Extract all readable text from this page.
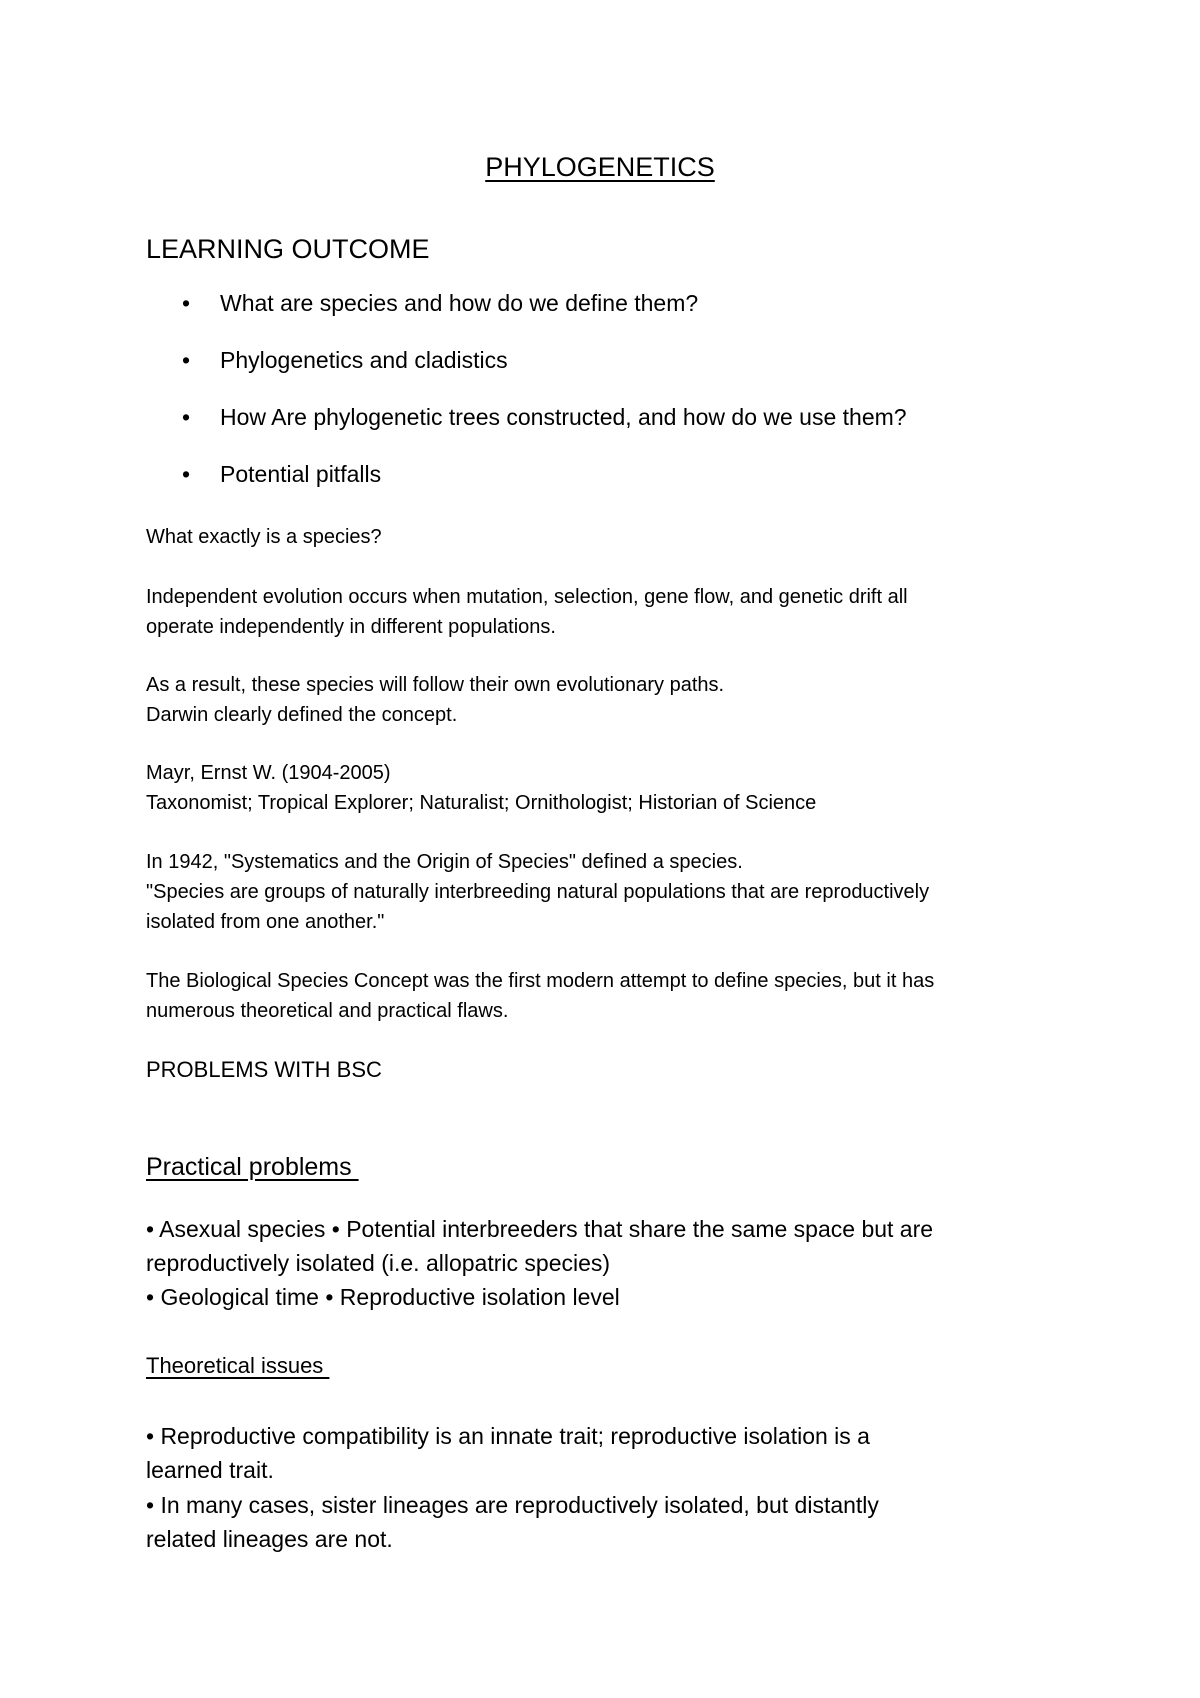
PHYLOGENETICS
LEARNING OUTCOME
• What are species and how do we define them?
• Phylogenetics and cladistics
• How Are phylogenetic trees constructed, and how do we use them?
• Potential pitfalls
What exactly is a species?
Independent evolution occurs when mutation, selection, gene flow, and genetic drift all
operate independently in different populations.
As a result, these species will follow their own evolutionary paths.
Darwin clearly defined the concept.
Mayr, Ernst W. (1904-2005)
Taxonomist; Tropical Explorer; Naturalist; Ornithologist; Historian of Science
In 1942, "Systematics and the Origin of Species" defined a species.
"Species are groups of naturally interbreeding natural populations that are reproductively
isolated from one another."
The Biological Species Concept was the first modern attempt to define species, but it has
numerous theoretical and practical flaws.
PROBLEMS WITH BSC
Practical problems
• Asexual species • Potential interbreeders that share the same space but are
reproductively isolated (i.e. allopatric species)
• Geological time • Reproductive isolation level
Theoretical issues
• Reproductive compatibility is an innate trait; reproductive isolation is a
learned trait.
• In many cases, sister lineages are reproductively isolated, but distantly
related lineages are not.
